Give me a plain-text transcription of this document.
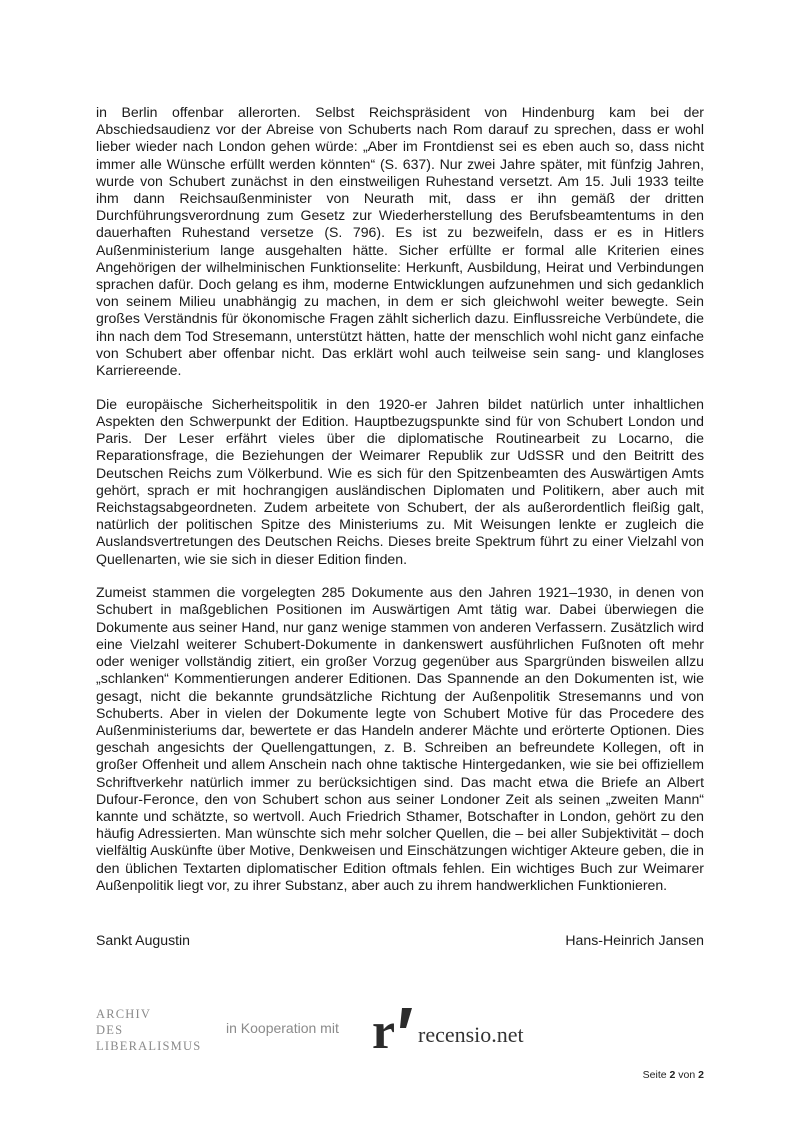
in Berlin offenbar allerorten. Selbst Reichspräsident von Hindenburg kam bei der Abschiedsaudienz vor der Abreise von Schuberts nach Rom darauf zu sprechen, dass er wohl lieber wieder nach London gehen würde: „Aber im Frontdienst sei es eben auch so, dass nicht immer alle Wünsche erfüllt werden könnten“ (S. 637). Nur zwei Jahre später, mit fünfzig Jahren, wurde von Schubert zunächst in den einstweiligen Ruhestand versetzt. Am 15. Juli 1933 teilte ihm dann Reichsaußenminister von Neurath mit, dass er ihn gemäß der dritten Durchführungsverordnung zum Gesetz zur Wiederherstellung des Berufsbeamtentums in den dauerhaften Ruhestand versetze (S. 796). Es ist zu bezweifeln, dass er es in Hitlers Außenministerium lange ausgehalten hätte. Sicher erfüllte er formal alle Kriterien eines Angehörigen der wilhelminischen Funktionselite: Herkunft, Ausbildung, Heirat und Verbindungen sprachen dafür. Doch gelang es ihm, moderne Entwicklungen aufzunehmen und sich gedanklich von seinem Milieu unabhängig zu machen, in dem er sich gleichwohl weiter bewegte. Sein großes Verständnis für ökonomische Fragen zählt sicherlich dazu. Einflussreiche Verbündete, die ihn nach dem Tod Stresemann, unterstützt hätten, hatte der menschlich wohl nicht ganz einfache von Schubert aber offenbar nicht. Das erklärt wohl auch teilweise sein sang- und klangloses Karriereende.

Die europäische Sicherheitspolitik in den 1920-er Jahren bildet natürlich unter inhaltlichen Aspekten den Schwerpunkt der Edition. Hauptbezugspunkte sind für von Schubert London und Paris. Der Leser erfährt vieles über die diplomatische Routinearbeit zu Locarno, die Reparationsfrage, die Beziehungen der Weimarer Republik zur UdSSR und den Beitritt des Deutschen Reichs zum Völkerbund. Wie es sich für den Spitzenbeamten des Auswärtigen Amts gehört, sprach er mit hochrangigen ausländischen Diplomaten und Politikern, aber auch mit Reichstagsabgeordneten. Zudem arbeitete von Schubert, der als außerordentlich fleißig galt, natürlich der politischen Spitze des Ministeriums zu. Mit Weisungen lenkte er zugleich die Auslandsvertretungen des Deutschen Reichs. Dieses breite Spektrum führt zu einer Vielzahl von Quellenarten, wie sie sich in dieser Edition finden.

Zumeist stammen die vorgelegten 285 Dokumente aus den Jahren 1921–1930, in denen von Schubert in maßgeblichen Positionen im Auswärtigen Amt tätig war. Dabei überwiegen die Dokumente aus seiner Hand, nur ganz wenige stammen von anderen Verfassern. Zusätzlich wird eine Vielzahl weiterer Schubert-Dokumente in dankenswert ausführlichen Fußnoten oft mehr oder weniger vollständig zitiert, ein großer Vorzug gegenüber aus Spargründen bisweilen allzu „schlanken“ Kommentierungen anderer Editionen. Das Spannende an den Dokumenten ist, wie gesagt, nicht die bekannte grundsätzliche Richtung der Außenpolitik Stresemanns und von Schuberts. Aber in vielen der Dokumente legte von Schubert Motive für das Procedere des Außenministeriums dar, bewertete er das Handeln anderer Mächte und erörterte Optionen. Dies geschah angesichts der Quellengattungen, z. B. Schreiben an befreundete Kollegen, oft in großer Offenheit und allem Anschein nach ohne taktische Hintergedanken, wie sie bei offiziellem Schriftverkehr natürlich immer zu berücksichtigen sind. Das macht etwa die Briefe an Albert Dufour-Feronce, den von Schubert schon aus seiner Londoner Zeit als seinen „zweiten Mann“ kannte und schätzte, so wertvoll. Auch Friedrich Sthamer, Botschafter in London, gehört zu den häufig Adressierten. Man wünschte sich mehr solcher Quellen, die – bei aller Subjektivität – doch vielfältig Auskünfte über Motive, Denkweisen und Einschätzungen wichtiger Akteure geben, die in den üblichen Textarten diplomatischer Edition oftmals fehlen. Ein wichtiges Buch zur Weimarer Außenpolitik liegt vor, zu ihrer Substanz, aber auch zu ihrem handwerklichen Funktionieren.

Sankt Augustin	Hans-Heinrich Jansen
ARCHIV
DES
LIBERALISMUS
in Kooperation mit r recensio.net
Seite 2 von 2
